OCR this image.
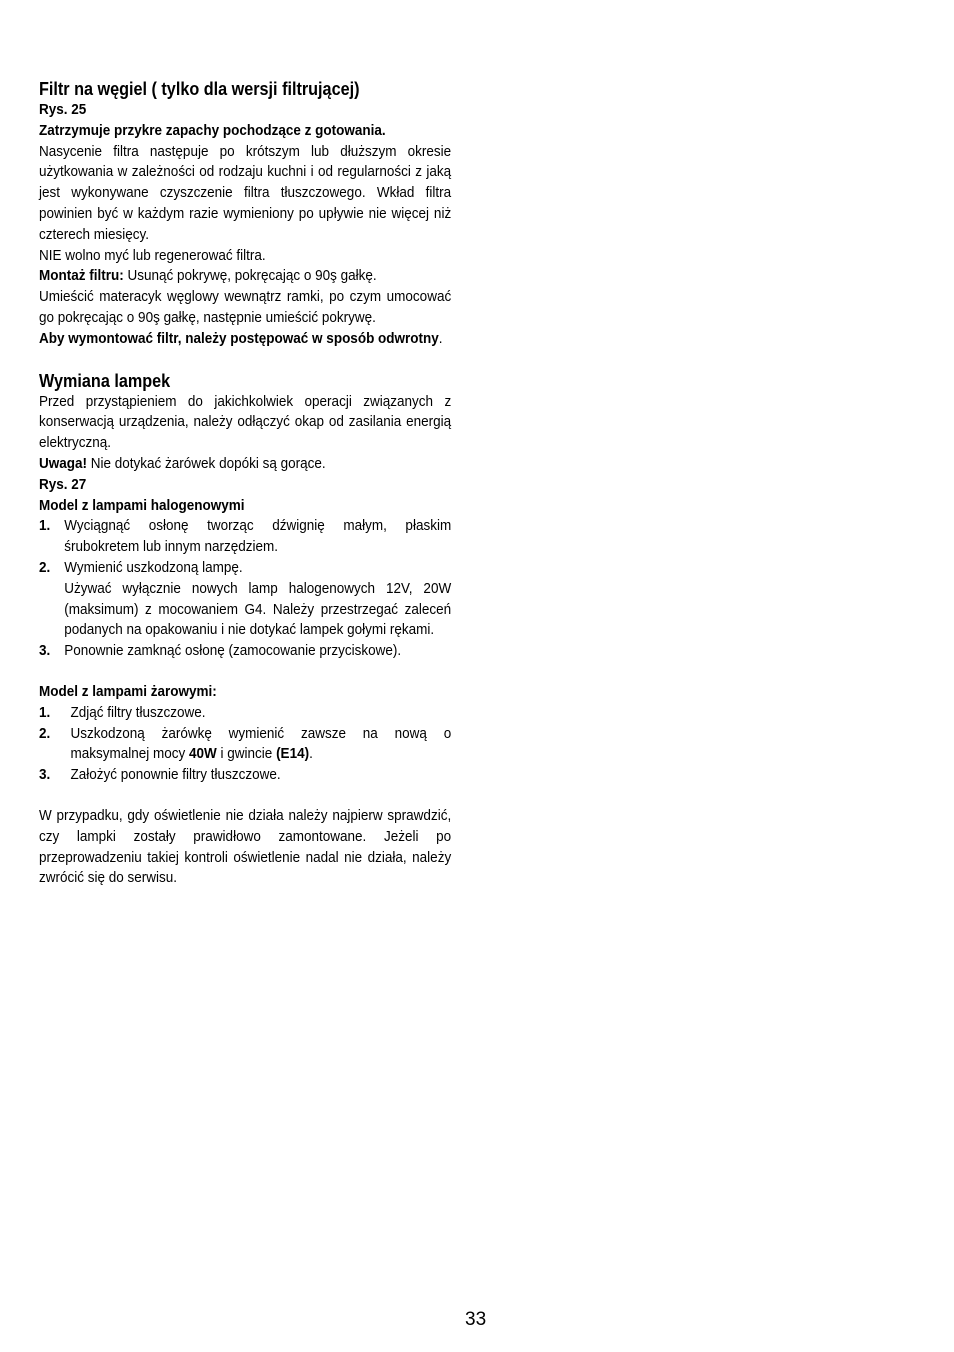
Filtr na węgiel ( tylko dla wersji filtrującej)
Rys. 25
Zatrzymuje przykre zapachy pochodzące z gotowania.

Nasycenie filtra następuje po krótszym lub dłuższym okresie użytkowania w zależności od rodzaju kuchni i od regularności z jaką jest wykonywane czyszczenie filtra tłuszczowego. Wkład filtra powinien być w każdym razie wymieniony po upływie nie więcej niż czterech miesięcy.

NIE wolno myć lub regenerować filtra.

Montaż filtru: Usunąć pokrywę, pokręcając o 90ş gałkę.

Umieścić materacyk węglowy wewnątrz ramki, po czym umocować go pokręcając o 90ş gałkę, następnie umieścić pokrywę.

Aby wymontować filtr, należy postępować w sposób odwrotny.

Wymiana lampek

Przed przystąpieniem do jakichkolwiek operacji związanych z konserwacją urządzenia, należy odłączyć okap od zasilania energią elektryczną.

Uwaga! Nie dotykać żarówek dopóki są gorące.

Rys. 27
Model z lampami halogenowymi
1. Wyciągnąć osłonę tworząc dźwignię małym, płaskim śrubokretem lub innym narzędziem.
2. Wymienić uszkodzoną lampę.
Używać wyłącznie nowych lamp halogenowych 12V, 20W (maksimum) z mocowaniem G4. Należy przestrzegać zaleceń podanych na opakowaniu i nie dotykać lampek gołymi rękami.
3. Ponownie zamknąć osłonę (zamocowanie przyciskowe).
Model z lampami żarowymi:
1.	Zdjąć filtry tłuszczowe.
2.	Uszkodzoną żarówkę wymienić zawsze na nową o maksymalnej mocy 40W i gwincie (E14).
3.	Założyć ponownie filtry tłuszczowe.

W przypadku, gdy oświetlenie nie działa należy najpierw sprawdzić, czy lampki zostały prawidłowo zamontowane. Jeżeli po przeprowadzeniu takiej kontroli oświetlenie nadal nie działa, należy zwrócić się do serwisu.

33
